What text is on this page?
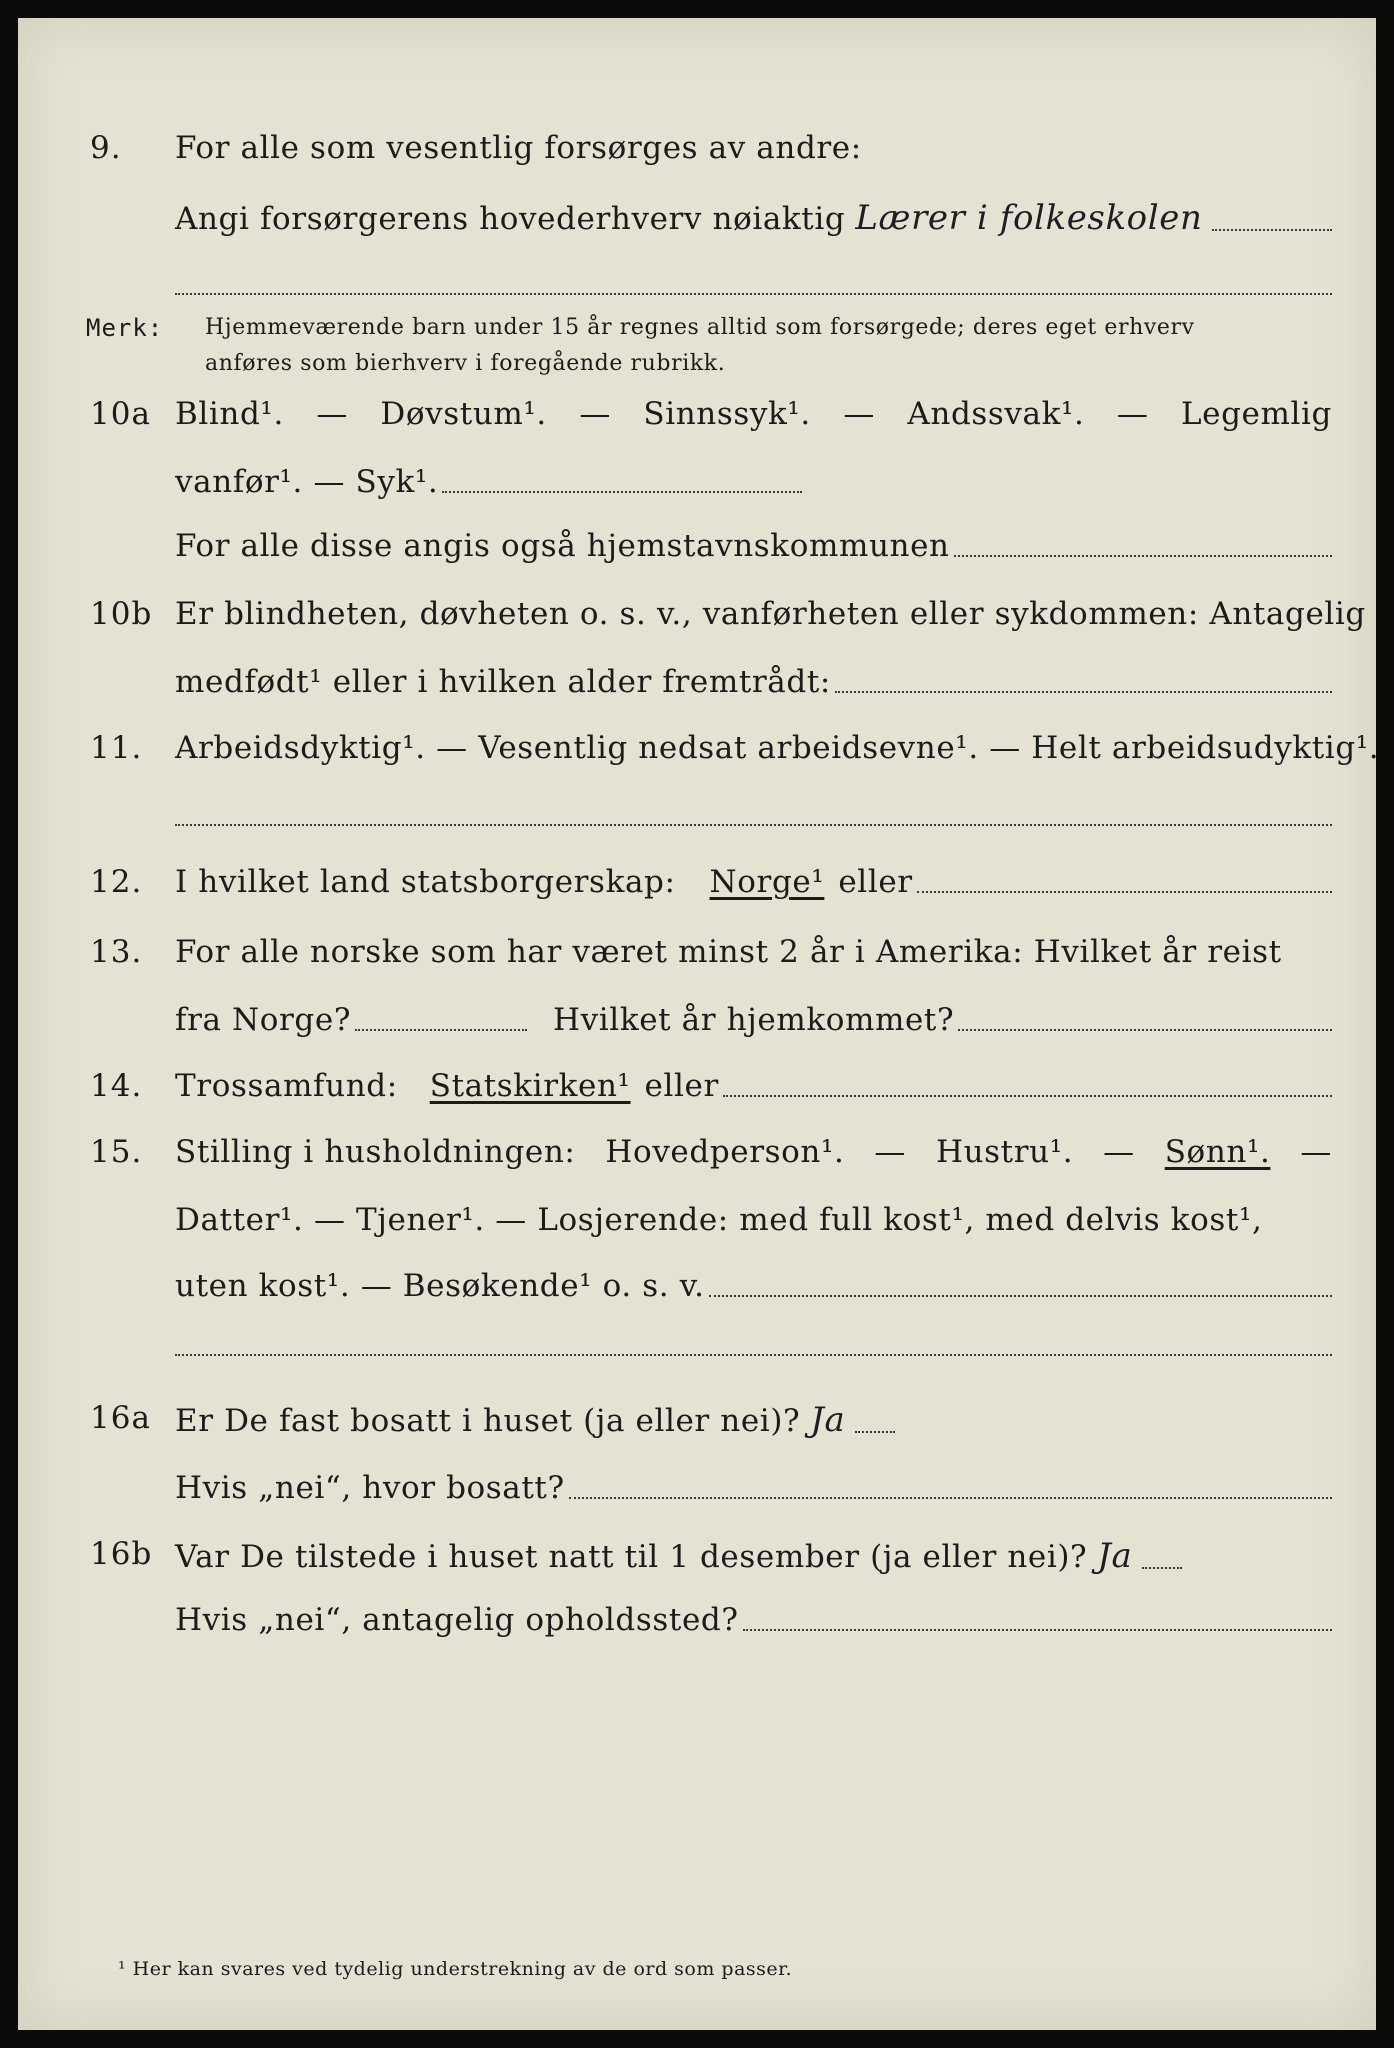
9. For alle som vesentlig forsørges av andre:
Angi forsørgerens hovederhverv nøiaktig Lærer i folkeskolen
Merk: Hjemmeværende barn under 15 år regnes alltid som forsørgede; deres eget erhverv
anføres som bierhverv i foregående rubrikk.
10a Blind¹. — Døvstum¹. — Sinnssyk¹. — Andssvak¹. — Legemlig
vanfør¹. — Syk¹.
For alle disse angis også hjemstavnskommunen
10b Er blindheten, døvheten o. s. v., vanførheten eller sykdommen: Antagelig
medfødt¹ eller i hvilken alder fremtrådt:
11. Arbeidsdyktig¹. — Vesentlig nedsat arbeidsevne¹. — Helt arbeidsudyktig¹.
12. I hvilket land statsborgerskap: Norge¹ eller
13. For alle norske som har været minst 2 år i Amerika: Hvilket år reist
fra Norge?	Hvilket år hjemkommet?
14. Trossamfund: Statskirken¹ eller
15. Stilling i husholdningen: Hovedperson¹. — Hustru¹. — Sønn¹. —
Datter¹. — Tjener¹. — Losjerende: med full kost¹, med delvis kost¹,
uten kost¹. — Besøkende¹ o. s. v.
16a Er De fast bosatt i huset (ja eller nei)? Ja
Hvis „nei“, hvor bosatt?
16b Var De tilstede i huset natt til 1 desember (ja eller nei)? Ja
Hvis „nei“, antagelig opholdssted?
¹ Her kan svares ved tydelig understrekning av de ord som passer.
